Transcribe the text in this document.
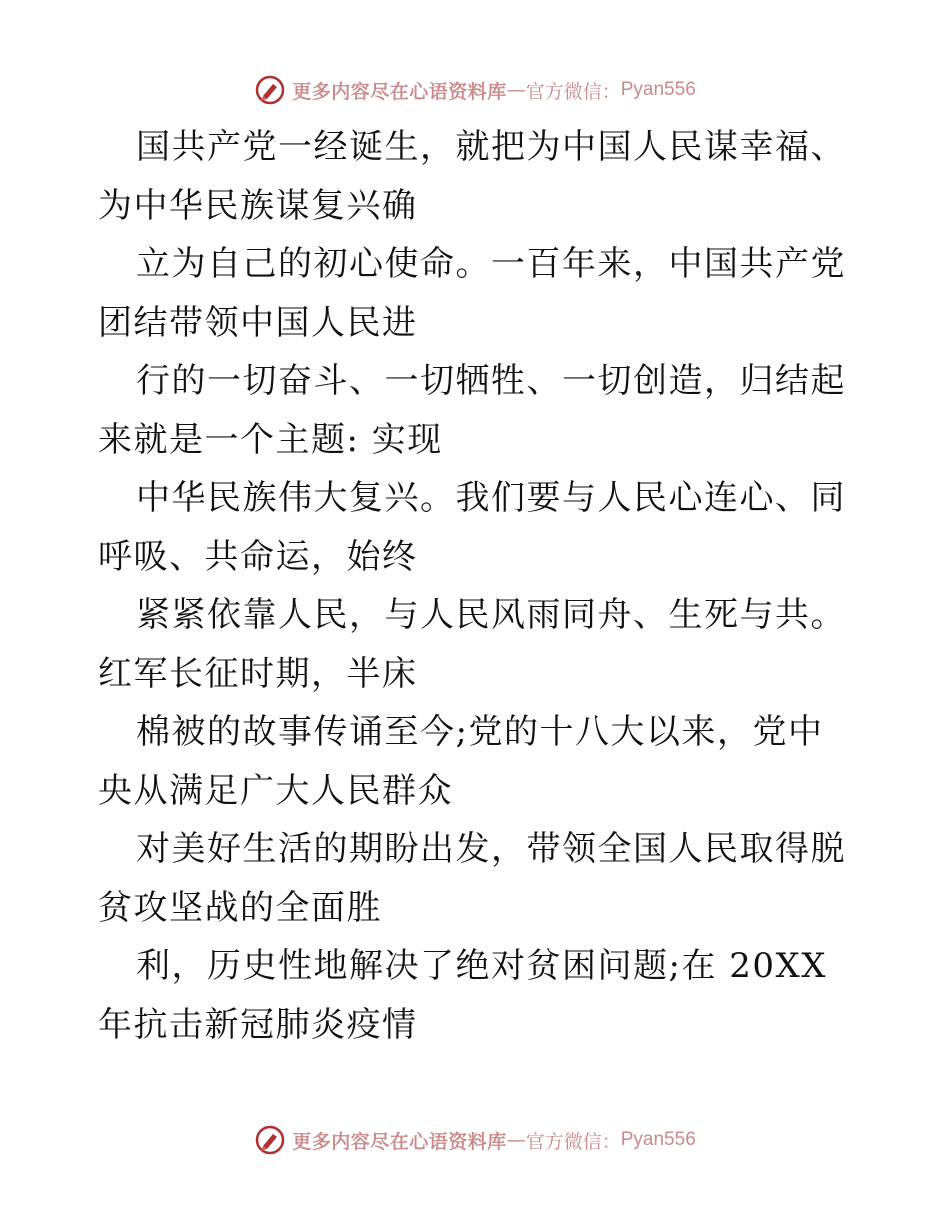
更多内容尽在心语资料库 — 官方微信： Pyan556

国共产党一经诞生，就把为中国人民谋幸福、为中华民族谋复兴确

立为自己的初心使命。一百年来，中国共产党团结带领中国人民进

行的一切奋斗、一切牺牲、一切创造，归结起来就是一个主题: 实现

中华民族伟大复兴。我们要与人民心连心、同呼吸、共命运，始终

紧紧依靠人民，与人民风雨同舟、生死与共。红军长征时期，半床

棉被的故事传诵至今;党的十八大以来，党中央从满足广大人民群众

对美好生活的期盼出发，带领全国人民取得脱贫攻坚战的全面胜

利，历史性地解决了绝对贫困问题;在 20XX 年抗击新冠肺炎疫情

更多内容尽在心语资料库 — 官方微信： Pyan556
